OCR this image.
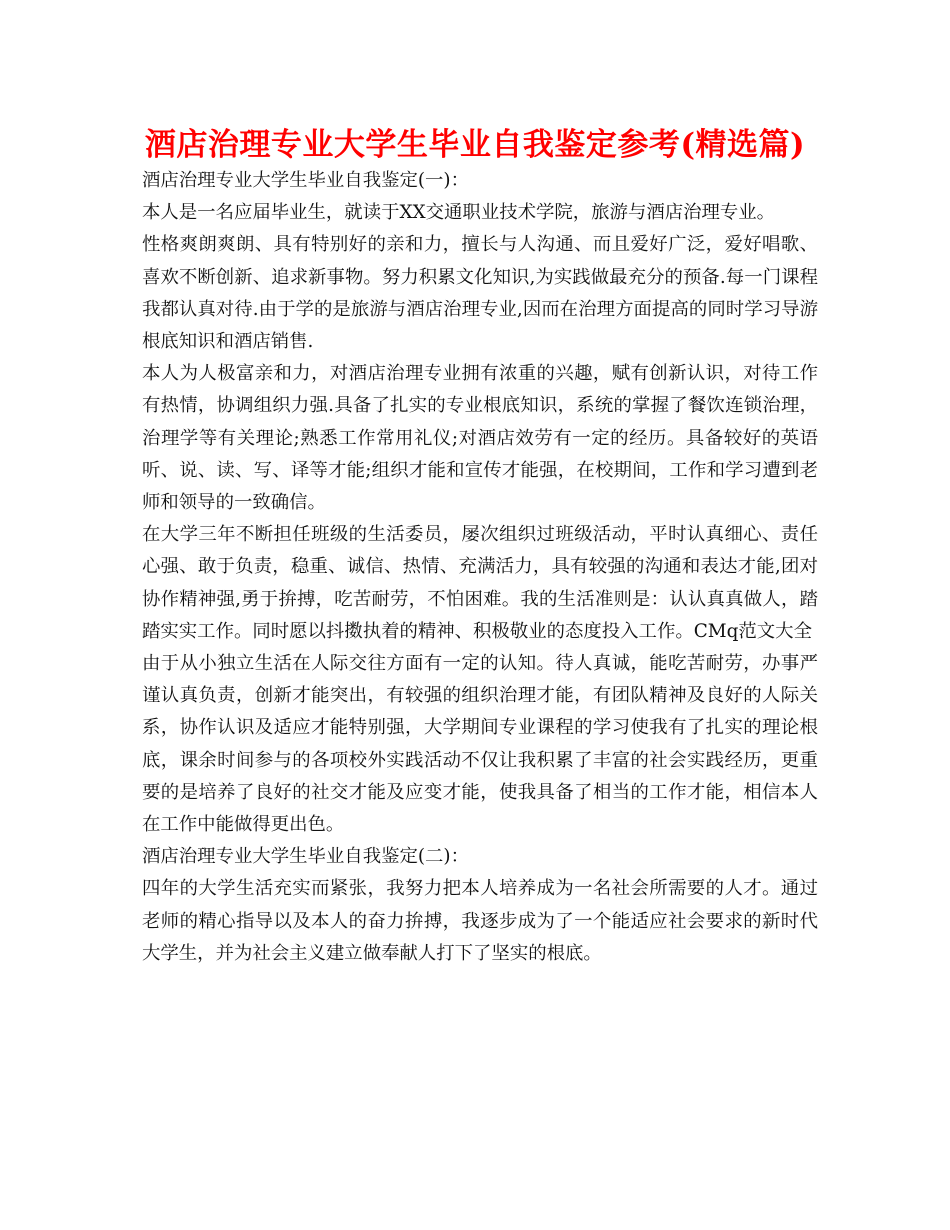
酒店治理专业大学生毕业自我鉴定参考(精选篇)

酒店治理专业大学生毕业自我鉴定(一)：

本人是一名应届毕业生，就读于XX交通职业技术学院，旅游与酒店治理专业。

性格爽朗爽朗、具有特别好的亲和力，擅长与人沟通、而且爱好广泛，爱好唱歌、喜欢不断创新、追求新事物。努力积累文化知识,为实践做最充分的预备.每一门课程我都认真对待.由于学的是旅游与酒店治理专业,因而在治理方面提高的同时学习导游根底知识和酒店销售.

本人为人极富亲和力，对酒店治理专业拥有浓重的兴趣，赋有创新认识，对待工作有热情，协调组织力强.具备了扎实的专业根底知识，系统的掌握了餐饮连锁治理，治理学等有关理论;熟悉工作常用礼仪;对酒店效劳有一定的经历。具备较好的英语听、说、读、写、译等才能;组织才能和宣传才能强，在校期间，工作和学习遭到老师和领导的一致确信。

在大学三年不断担任班级的生活委员，屡次组织过班级活动，平时认真细心、责任心强、敢于负责，稳重、诚信、热情、充满活力，具有较强的沟通和表达才能,团对协作精神强,勇于拚搏，吃苦耐劳，不怕困难。我的生活准则是：认认真真做人，踏踏实实工作。同时愿以抖擞执着的精神、积极敬业的态度投入工作。CMq范文大全

由于从小独立生活在人际交往方面有一定的认知。待人真诚，能吃苦耐劳，办事严谨认真负责，创新才能突出，有较强的组织治理才能，有团队精神及良好的人际关系，协作认识及适应才能特别强，大学期间专业课程的学习使我有了扎实的理论根底，课余时间参与的各项校外实践活动不仅让我积累了丰富的社会实践经历，更重要的是培养了良好的社交才能及应变才能，使我具备了相当的工作才能，相信本人在工作中能做得更出色。

酒店治理专业大学生毕业自我鉴定(二)：

四年的大学生活充实而紧张，我努力把本人培养成为一名社会所需要的人才。通过老师的精心指导以及本人的奋力拚搏，我逐步成为了一个能适应社会要求的新时代大学生，并为社会主义建立做奉献人打下了坚实的根底。
